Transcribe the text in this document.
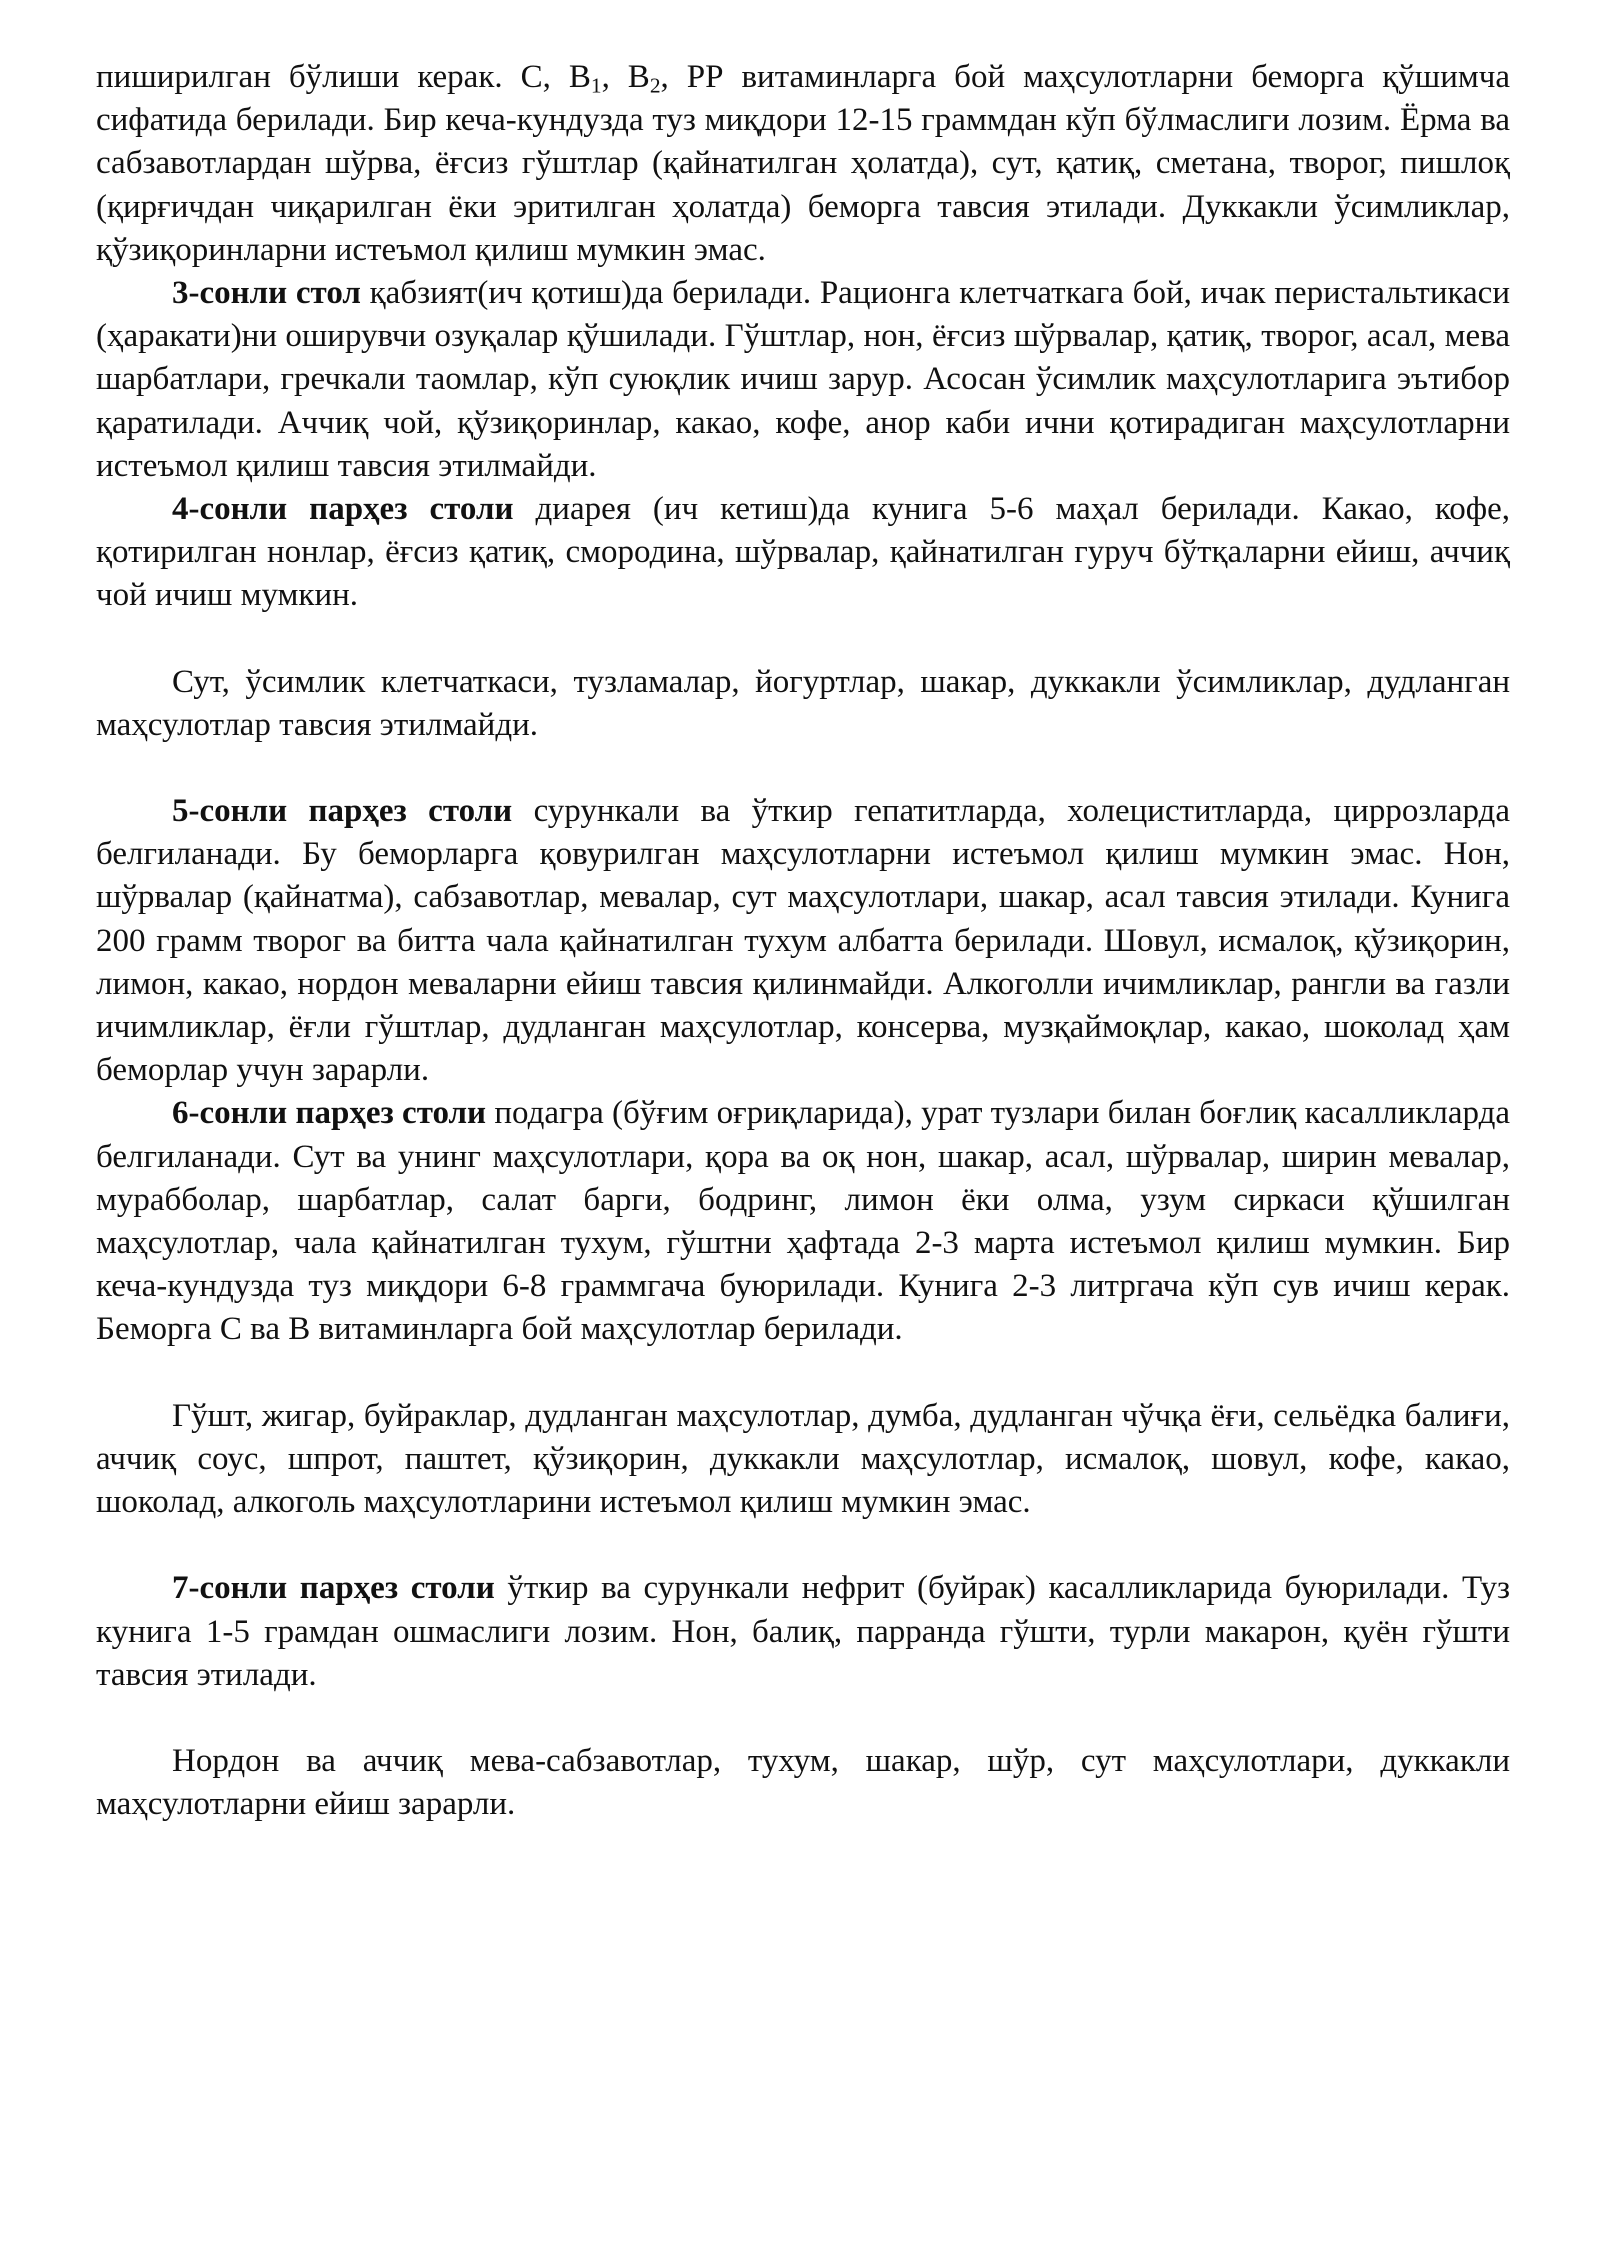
пиширилган бўлиши керак. С, $В_1$, $В_2$, РР витаминларга бой маҳсулотларни беморга қўшимча сифатида берилади. Бир кеча-кундузда туз миқдори 12-15 граммдан кўп бўлмаслиги лозим. Ёрма ва сабзавотлардан шўрва, ёғсиз гўштлар (қайнатилган ҳолатда), сут, қатиқ, сметана, творог, пишлоқ (қирғичдан чиқарилган ёки эритилган ҳолатда) беморга тавсия этилади. Дуккакли ўсимликлар, қўзиқоринларни истеъмол қилиш мумкин эмас.

3-сонли стол қабзият(ич қотиш)да берилади. Рационга клетчаткага бой, ичак перистальтикаси (ҳаракати)ни оширувчи озуқалар қўшилади. Гўштлар, нон, ёғсиз шўрвалар, қатиқ, творог, асал, мева шарбатлари, гречкали таомлар, кўп суюқлик ичиш зарур. Асосан ўсимлик маҳсулотларига эътибор қаратилади. Аччиқ чой, қўзиқоринлар, какао, кофе, анор каби ични қотирадиган маҳсулотларни истеъмол қилиш тавсия этилмайди.

4-сонли парҳез столи диарея (ич кетиш)да кунига 5-6 маҳал берилади. Какао, кофе, қотирилган нонлар, ёғсиз қатиқ, смородина, шўрвалар, қайнатилган гуруч бўтқаларни ейиш, аччиқ чой ичиш мумкин.

Сут, ўсимлик клетчаткаси, тузламалар, йогуртлар, шакар, дуккакли ўсимликлар, дудланган маҳсулотлар тавсия этилмайди.

5-сонли парҳез столи сурункали ва ўткир гепатитларда, холециститларда, циррозларда белгиланади. Бу беморларга қовурилган маҳсулотларни истеъмол қилиш мумкин эмас. Нон, шўрвалар (қайнатма), сабзавотлар, мевалар, сут маҳсулотлари, шакар, асал тавсия этилади. Кунига 200 грамм творог ва битта чала қайнатилган тухум албатта берилади. Шовул, исмалоқ, қўзиқорин, лимон, какао, нордон меваларни ейиш тавсия қилинмайди. Алкоголли ичимликлар, рангли ва газли ичимликлар, ёғли гўштлар, дудланган маҳсулотлар, консерва, музқаймоқлар, какао, шоколад ҳам беморлар учун зарарли.

6-сонли парҳез столи подагра (бўғим оғриқларида), урат тузлари билан боғлиқ касалликларда белгиланади. Сут ва унинг маҳсулотлари, қора ва оқ нон, шакар, асал, шўрвалар, ширин мевалар, мурабболар, шарбатлар, салат барги, бодринг, лимон ёки олма, узум сиркаси қўшилган маҳсулотлар, чала қайнатилган тухум, гўштни ҳафтада 2-3 марта истеъмол қилиш мумкин. Бир кеча-кундузда туз миқдори 6-8 граммгача буюрилади. Кунига 2-3 литргача кўп сув ичиш керак. Беморга С ва В витаминларга бой маҳсулотлар берилади.

Гўшт, жигар, буйраклар, дудланган маҳсулотлар, думба, дудланган чўчқа ёғи, сельёдка балиғи, аччиқ соус, шпрот, паштет, қўзиқорин, дуккакли маҳсулотлар, исмалоқ, шовул, кофе, какао, шоколад, алкоголь маҳсулотларини истеъмол қилиш мумкин эмас.

7-сонли парҳез столи ўткир ва сурункали нефрит (буйрак) касалликларида буюрилади. Туз кунига 1-5 грамдан ошмаслиги лозим. Нон, балиқ, парранда гўшти, турли макарон, қуён гўшти тавсия этилади.

Нордон ва аччиқ мева-сабзавотлар, тухум, шакар, шўр, сут маҳсулотлари, дуккакли маҳсулотларни ейиш зарарли.
